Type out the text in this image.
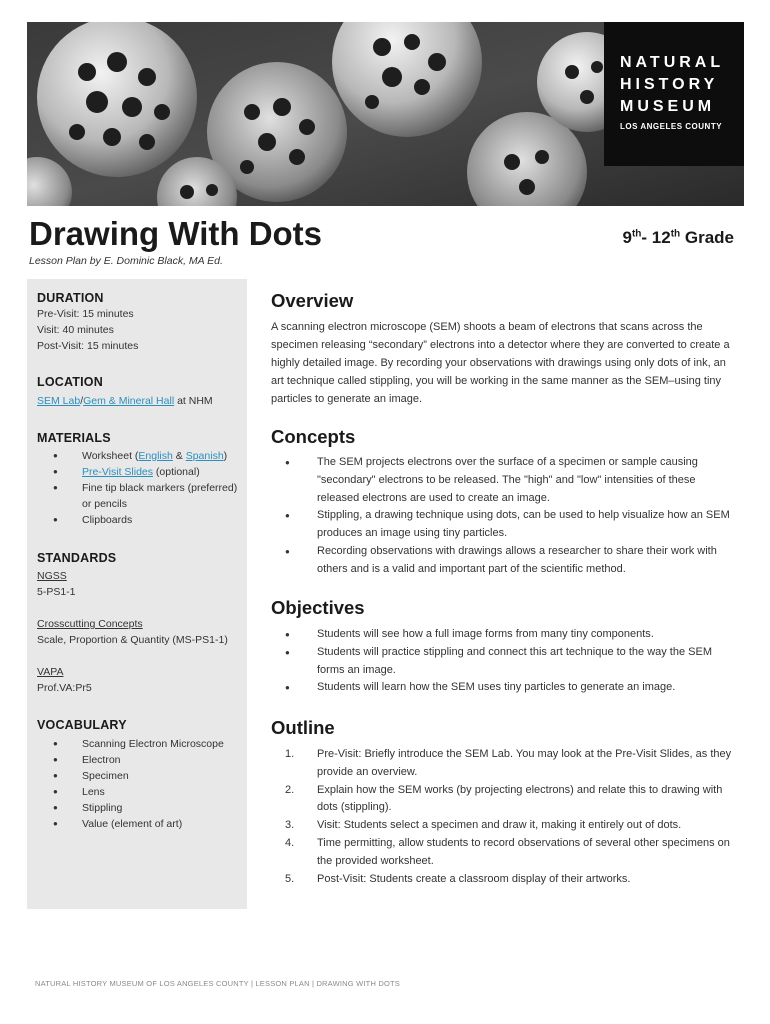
NATURAL
HISTORY
MUSEUM
LOS ANGELES COUNTY
Drawing With Dots	9th- 12th Grade
Lesson Plan by E. Dominic Black, MA Ed.
DURATION
Pre-Visit: 15 minutes
Visit: 40 minutes
Post-Visit: 15 minutes
LOCATION
SEM Lab/Gem & Mineral Hall at NHM
MATERIALS
● Worksheet (English & Spanish)
● Pre-Visit Slides (optional)
● Fine tip black markers (preferred) or pencils
● Clipboards
STANDARDS
NGSS
5-PS1-1
Crosscutting Concepts
Scale, Proportion & Quantity (MS-PS1-1)
VAPA
Prof.VA:Pr5
VOCABULARY
● Scanning Electron Microscope
● Electron
● Specimen
● Lens
● Stippling
● Value (element of art)
Overview

A scanning electron microscope (SEM) shoots a beam of electrons that scans across the specimen releasing “secondary” electrons into a detector where they are converted to create a highly detailed image. By recording your observations with drawings using only dots of ink, an art technique called stippling, you will be working in the same manner as the SEM–using tiny particles to generate an image.

Concepts
● The SEM projects electrons over the surface of a specimen or sample causing "secondary" electrons to be released. The "high" and "low" intensities of these released electrons are used to create an image.
● Stippling, a drawing technique using dots, can be used to help visualize how an SEM produces an image using tiny particles.
● Recording observations with drawings allows a researcher to share their work with others and is a valid and important part of the scientific method.
Objectives
● Students will see how a full image forms from many tiny components.
● Students will practice stippling and connect this art technique to the way the SEM forms an image.
● Students will learn how the SEM uses tiny particles to generate an image.
Outline
1. Pre-Visit: Briefly introduce the SEM Lab. You may look at the Pre-Visit Slides, as they provide an overview.
2. Explain how the SEM works (by projecting electrons) and relate this to drawing with dots (stippling).
3. Visit: Students select a specimen and draw it, making it entirely out of dots.
4. Time permitting, allow students to record observations of several other specimens on the provided worksheet.
5. Post-Visit: Students create a classroom display of their artworks.
NATURAL HISTORY MUSEUM OF LOS ANGELES COUNTY | LESSON PLAN | DRAWING WITH DOTS
